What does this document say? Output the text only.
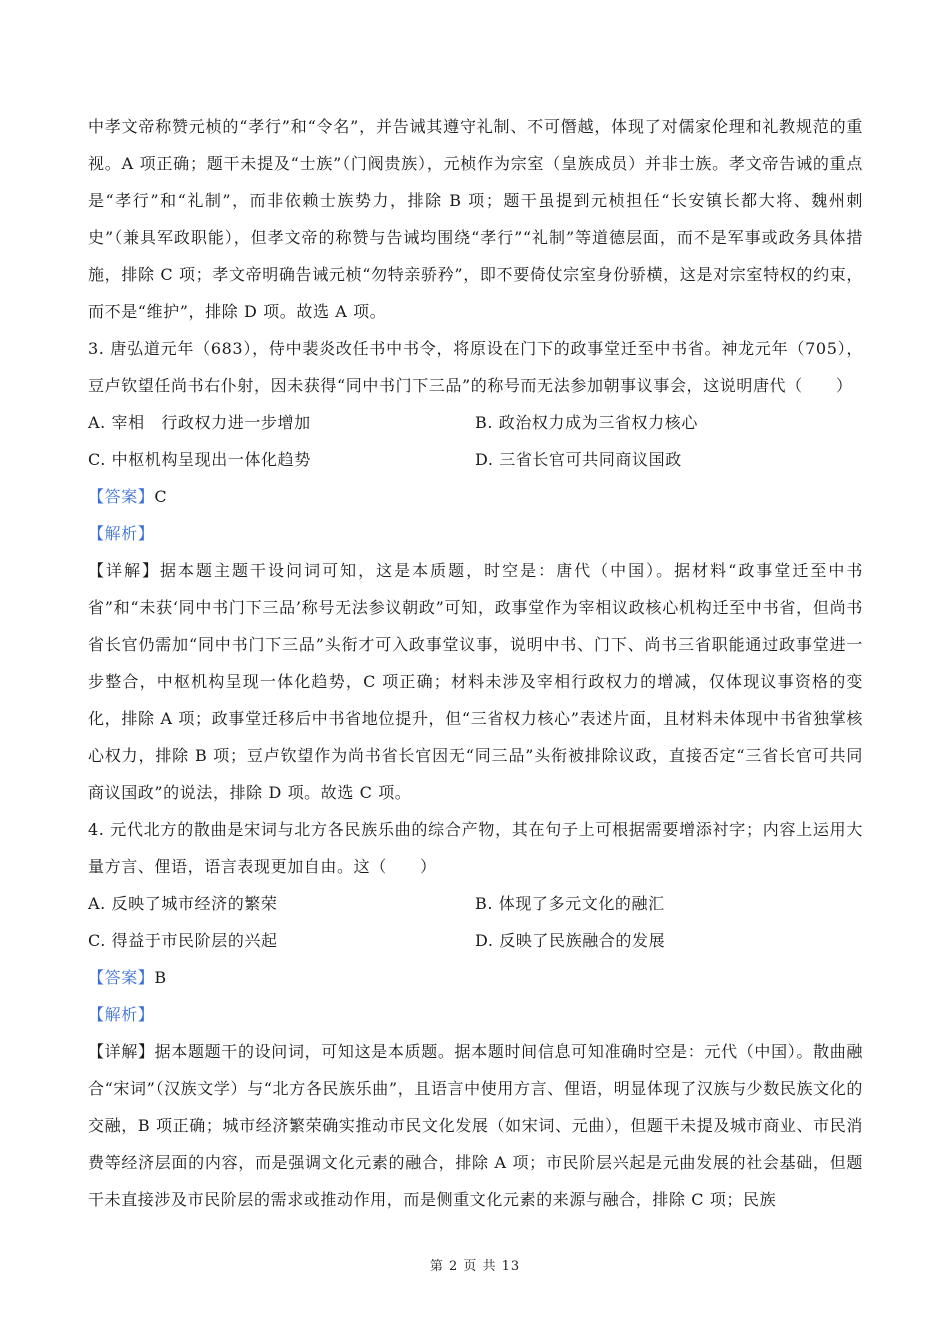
中孝文帝称赞元桢的“孝行”和“令名”，并告诫其遵守礼制、不可僭越，体现了对儒家伦理和礼教规范的重视。A 项正确；题干未提及“士族”（门阀贵族），元桢作为宗室（皇族成员）并非士族。孝文帝告诫的重点是“孝行”和“礼制”，而非依赖士族势力，排除 B 项；题干虽提到元桢担任“长安镇长都大将、魏州刺史”（兼具军政职能），但孝文帝的称赞与告诫均围绕“孝行”“礼制”等道德层面，而不是军事或政务具体措施，排除 C 项；孝文帝明确告诫元桢“勿特亲骄矜”，即不要倚仗宗室身份骄横，这是对宗室特权的约束，而不是“维护”，排除 D 项。故选 A 项。

3. 唐弘道元年（683），侍中裴炎改任书中书令，将原设在门下的政事堂迁至中书省。神龙元年（705），豆卢钦望任尚书右仆射，因未获得“同中书门下三品”的称号而无法参加朝事议事会，这说明唐代（　　）

A. 宰相　行政权力进一步增加	B. 政治权力成为三省权力核心
C. 中枢机构呈现出一体化趋势	D. 三省长官可共同商议国政

【答案】C

【解析】

【详解】据本题主题干设问词可知，这是本质题，时空是：唐代（中国）。据材料“政事堂迁至中书省”和“未获‘同中书门下三品’称号无法参议朝政”可知，政事堂作为宰相议政核心机构迁至中书省，但尚书省长官仍需加“同中书门下三品”头衔才可入政事堂议事，说明中书、门下、尚书三省职能通过政事堂进一步整合，中枢机构呈现一体化趋势，C 项正确；材料未涉及宰相行政权力的增减，仅体现议事资格的变化，排除 A 项；政事堂迁移后中书省地位提升，但“三省权力核心”表述片面，且材料未体现中书省独掌核心权力，排除 B 项；豆卢钦望作为尚书省长官因无“同三品”头衔被排除议政，直接否定“三省长官可共同商议国政”的说法，排除 D 项。故选 C 项。

4. 元代北方的散曲是宋词与北方各民族乐曲的综合产物，其在句子上可根据需要增添衬字；内容上运用大量方言、俚语，语言表现更加自由。这（　　）

A. 反映了城市经济的繁荣	B. 体现了多元文化的融汇
C. 得益于市民阶层的兴起	D. 反映了民族融合的发展

【答案】B

【解析】

【详解】据本题题干的设问词，可知这是本质题。据本题时间信息可知准确时空是：元代（中国）。散曲融合“宋词”（汉族文学）与“北方各民族乐曲”，且语言中使用方言、俚语，明显体现了汉族与少数民族文化的交融，B 项正确；城市经济繁荣确实推动市民文化发展（如宋词、元曲），但题干未提及城市商业、市民消费等经济层面的内容，而是强调文化元素的融合，排除 A 项；市民阶层兴起是元曲发展的社会基础，但题干未直接涉及市民阶层的需求或推动作用，而是侧重文化元素的来源与融合，排除 C 项；民族

第 2 页 共 13
